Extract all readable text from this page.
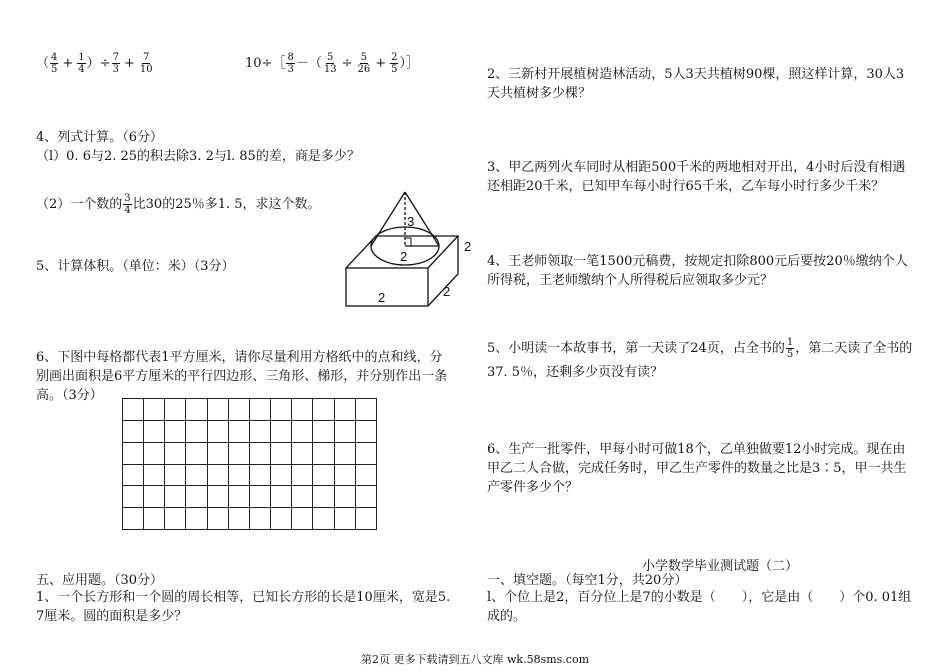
（ $\frac{4}{5} + \frac{1}{4}$ ）÷ $\frac{7}{3} + \frac{7}{10}$	10÷［ $\frac{8}{3}$ －（ $\frac{5}{13} \div \frac{5}{26} + \frac{2}{5}$ ）］
4、列式计算。（6分）
（l）0. 6与2. 25的积去除3. 2与l. 85的差，商是多少？
（2）一个数的 $\frac{3}{4}$ 比30的25％多1. 5，求这个数。
5、计算体积。（单位：米）（3分）
3
2
2
2
2
6、下图中每格都代表1平方厘米，请你尽量利用方格纸中的点和线，分别画出面积是6平方厘米的平行四边形、三角形、梯形，并分别作出一条高。（3分）
五、应用题。（30分）
1、一个长方形和一个圆的周长相等，已知长方形的长是10厘米，宽是5. 7厘米。圆的面积是多少？
2、三新村开展植树造林活动，5人3天共植树90棵，照这样计算，30人3天共植树多少棵？
3、甲乙两列火车同时从相距500千米的两地相对开出，4小时后没有相遇还相距20千米，已知甲车每小时行65千米，乙车每小时行多少千米？
4、王老师领取一笔1500元稿费，按规定扣除800元后要按20％缴纳个人所得税，王老师缴纳个人所得税后应领取多少元？
5、小明读一本故事书，第一天读了24页，占全书的 $\frac{1}{5}$ ，第二天读了全书的37. 5％，还剩多少页没有读？
6、生产一批零件，甲每小时可做18个，乙单独做要12小时完成。现在由甲乙二人合做，完成任务时，甲乙生产零件的数量之比是3∶5，甲一共生产零件多少个？
小学数学毕业测试题（二）
一、填空题。（每空1分，共20分）
l、个位上是2，百分位上是7的小数是（　　），它是由（　　）个0. 01组成的。
第2页 更多下载请到五八文库 wk.58sms.com
